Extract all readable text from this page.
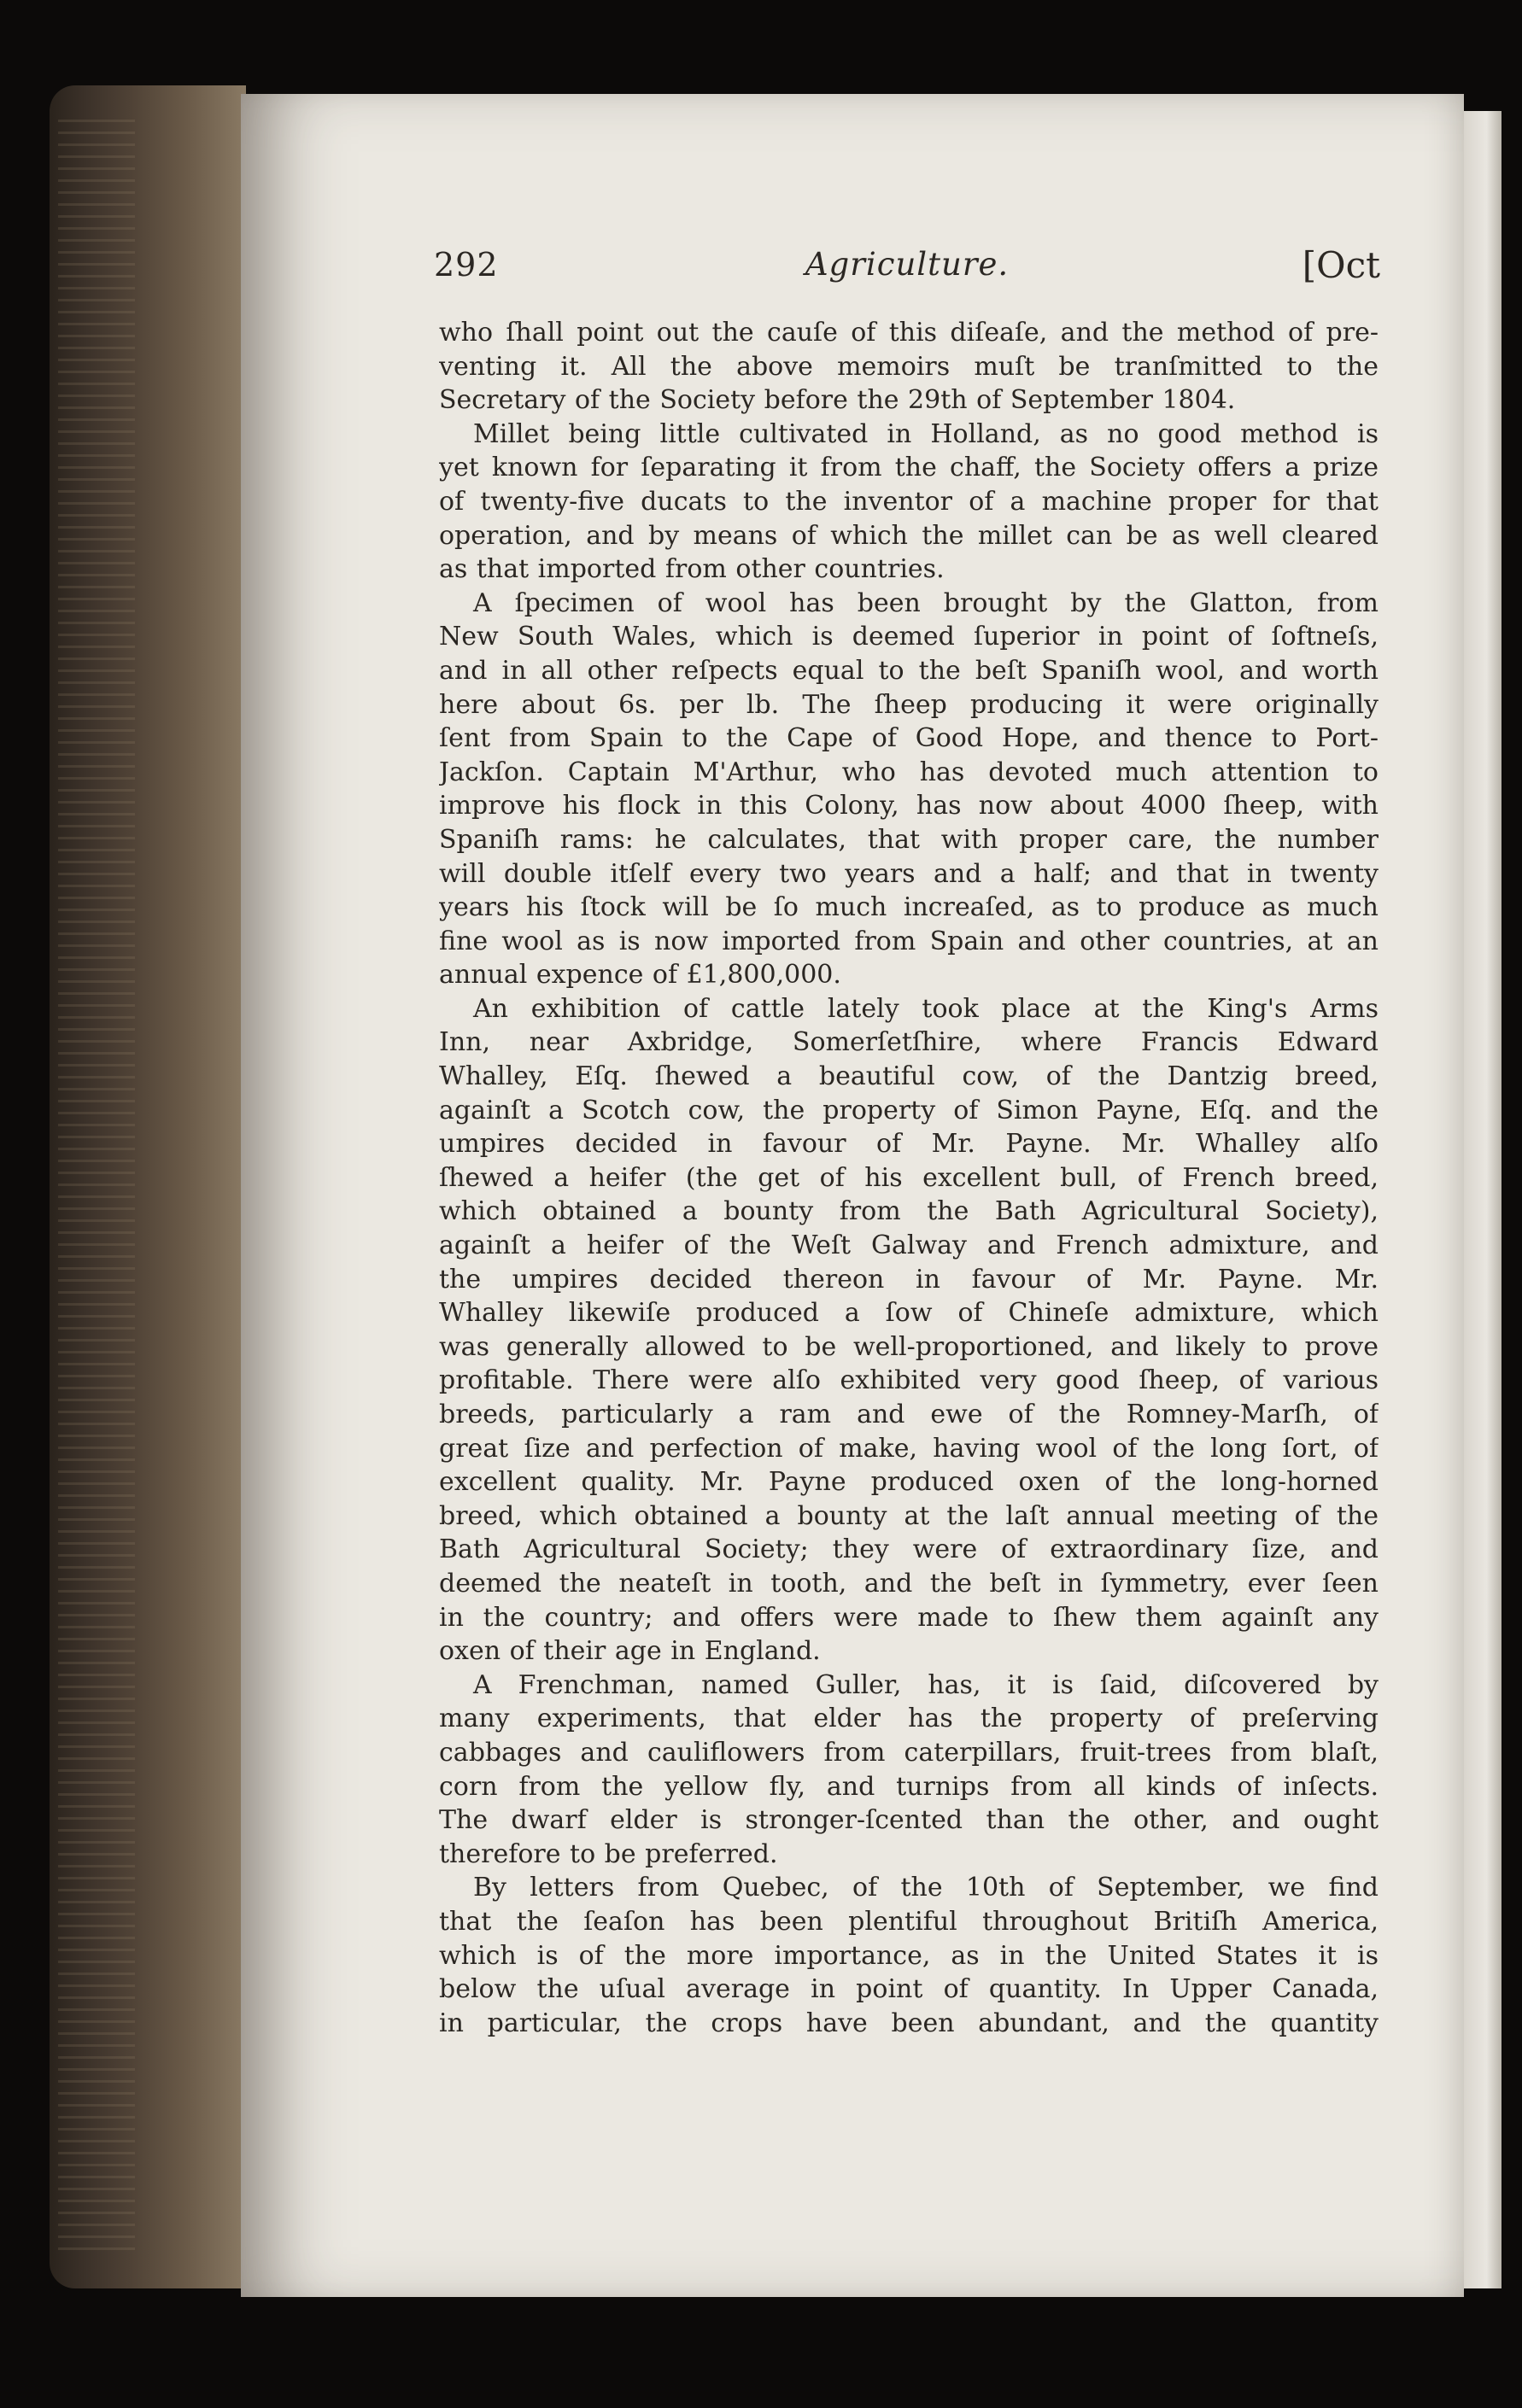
292	Agriculture.	[Oct
who ſhall point out the cauſe of this diſeaſe, and the method of pre-
venting it. All the above memoirs muſt be tranſmitted to the
Secretary of the Society before the 29th of September 1804.
Millet being little cultivated in Holland, as no good method is
yet known for ſeparating it from the chaff, the Society offers a prize
of twenty-five ducats to the inventor of a machine proper for that
operation, and by means of which the millet can be as well cleared
as that imported from other countries.
A ſpecimen of wool has been brought by the Glatton, from
New South Wales, which is deemed ſuperior in point of ſoftneſs,
and in all other reſpects equal to the beſt Spaniſh wool, and worth
here about 6s. per lb. The ſheep producing it were originally
ſent from Spain to the Cape of Good Hope, and thence to Port-
Jackſon. Captain M'Arthur, who has devoted much attention to
improve his flock in this Colony, has now about 4000 ſheep, with
Spaniſh rams: he calculates, that with proper care, the number
will double itſelf every two years and a half; and that in twenty
years his ſtock will be ſo much increaſed, as to produce as much
fine wool as is now imported from Spain and other countries, at an
annual expence of £1,800,000.
An exhibition of cattle lately took place at the King's Arms
Inn, near Axbridge, Somerſetſhire, where Francis Edward
Whalley, Eſq. ſhewed a beautiful cow, of the Dantzig breed,
againſt a Scotch cow, the property of Simon Payne, Eſq. and the
umpires decided in favour of Mr. Payne. Mr. Whalley alſo
ſhewed a heifer (the get of his excellent bull, of French breed,
which obtained a bounty from the Bath Agricultural Society),
againſt a heifer of the Weſt Galway and French admixture, and
the umpires decided thereon in favour of Mr. Payne. Mr.
Whalley likewiſe produced a ſow of Chineſe admixture, which
was generally allowed to be well-proportioned, and likely to prove
profitable. There were alſo exhibited very good ſheep, of various
breeds, particularly a ram and ewe of the Romney-Marſh, of
great ſize and perfection of make, having wool of the long ſort, of
excellent quality. Mr. Payne produced oxen of the long-horned
breed, which obtained a bounty at the laſt annual meeting of the
Bath Agricultural Society; they were of extraordinary ſize, and
deemed the neateſt in tooth, and the beſt in ſymmetry, ever ſeen
in the country; and offers were made to ſhew them againſt any
oxen of their age in England.
A Frenchman, named Guller, has, it is ſaid, diſcovered by
many experiments, that elder has the property of preſerving
cabbages and cauliflowers from caterpillars, fruit-trees from blaſt,
corn from the yellow fly, and turnips from all kinds of inſects.
The dwarf elder is stronger-ſcented than the other, and ought
therefore to be preferred.
By letters from Quebec, of the 10th of September, we find
that the ſeaſon has been plentiful throughout Britiſh America,
which is of the more importance, as in the United States it is
below the uſual average in point of quantity. In Upper Canada,
in particular, the crops have been abundant, and the quantity
